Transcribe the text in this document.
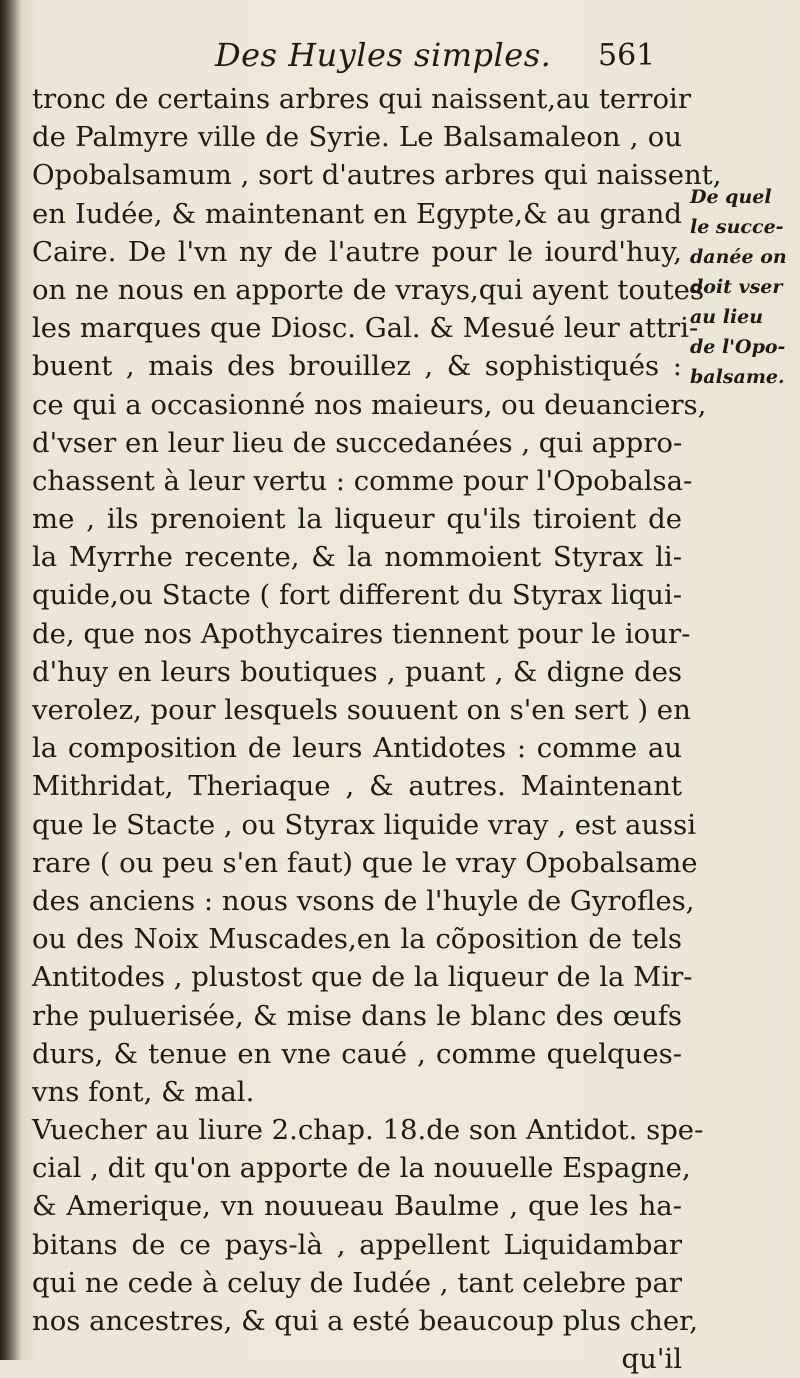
Des Huyles simples. 561
tronc de certains arbres qui naissent,au terroir
de Palmyre ville de Syrie. Le Balsamaleon , ou
Opobalsamum , sort d'autres arbres qui naissent,
en Iudée, & maintenant en Egypte,& au grand
Caire. De l'vn ny de l'autre pour le iourd'huy,
on ne nous en apporte de vrays,qui ayent toutes
les marques que Diosc. Gal. & Mesué leur attri-
buent , mais des brouillez , & sophistiqués :
ce qui a occasionné nos maieurs, ou deuanciers,
d'vser en leur lieu de succedanées , qui appro-
chassent à leur vertu : comme pour l'Opobalsa-
me , ils prenoient la liqueur qu'ils tiroient de
la Myrrhe recente, & la nommoient Styrax li-
quide,ou Stacte ( fort different du Styrax liqui-
de, que nos Apothycaires tiennent pour le iour-
d'huy en leurs boutiques , puant , & digne des
verolez, pour lesquels souuent on s'en sert ) en
la composition de leurs Antidotes : comme au
Mithridat, Theriaque , & autres. Maintenant
que le Stacte , ou Styrax liquide vray , est aussi
rare ( ou peu s'en faut) que le vray Opobalsame
des anciens : nous vsons de l'huyle de Gyrofles,
ou des Noix Muscades,en la cõposition de tels
Antitodes , plustost que de la liqueur de la Mir-
rhe puluerisée, & mise dans le blanc des œufs
durs, & tenue en vne caué , comme quelques-
vns font, & mal.
Vuecher au liure 2.chap. 18.de son Antidot. spe-
cial , dit qu'on apporte de la nouuelle Espagne,
& Amerique, vn nouueau Baulme , que les ha-
bitans de ce pays-là , appellent Liquidambar
qui ne cede à celuy de Iudée , tant celebre par
nos ancestres, & qui a esté beaucoup plus cher,
qu'il
De quel
le succe-
danée on
doit vser
au lieu
de l'Opo-
balsame.
